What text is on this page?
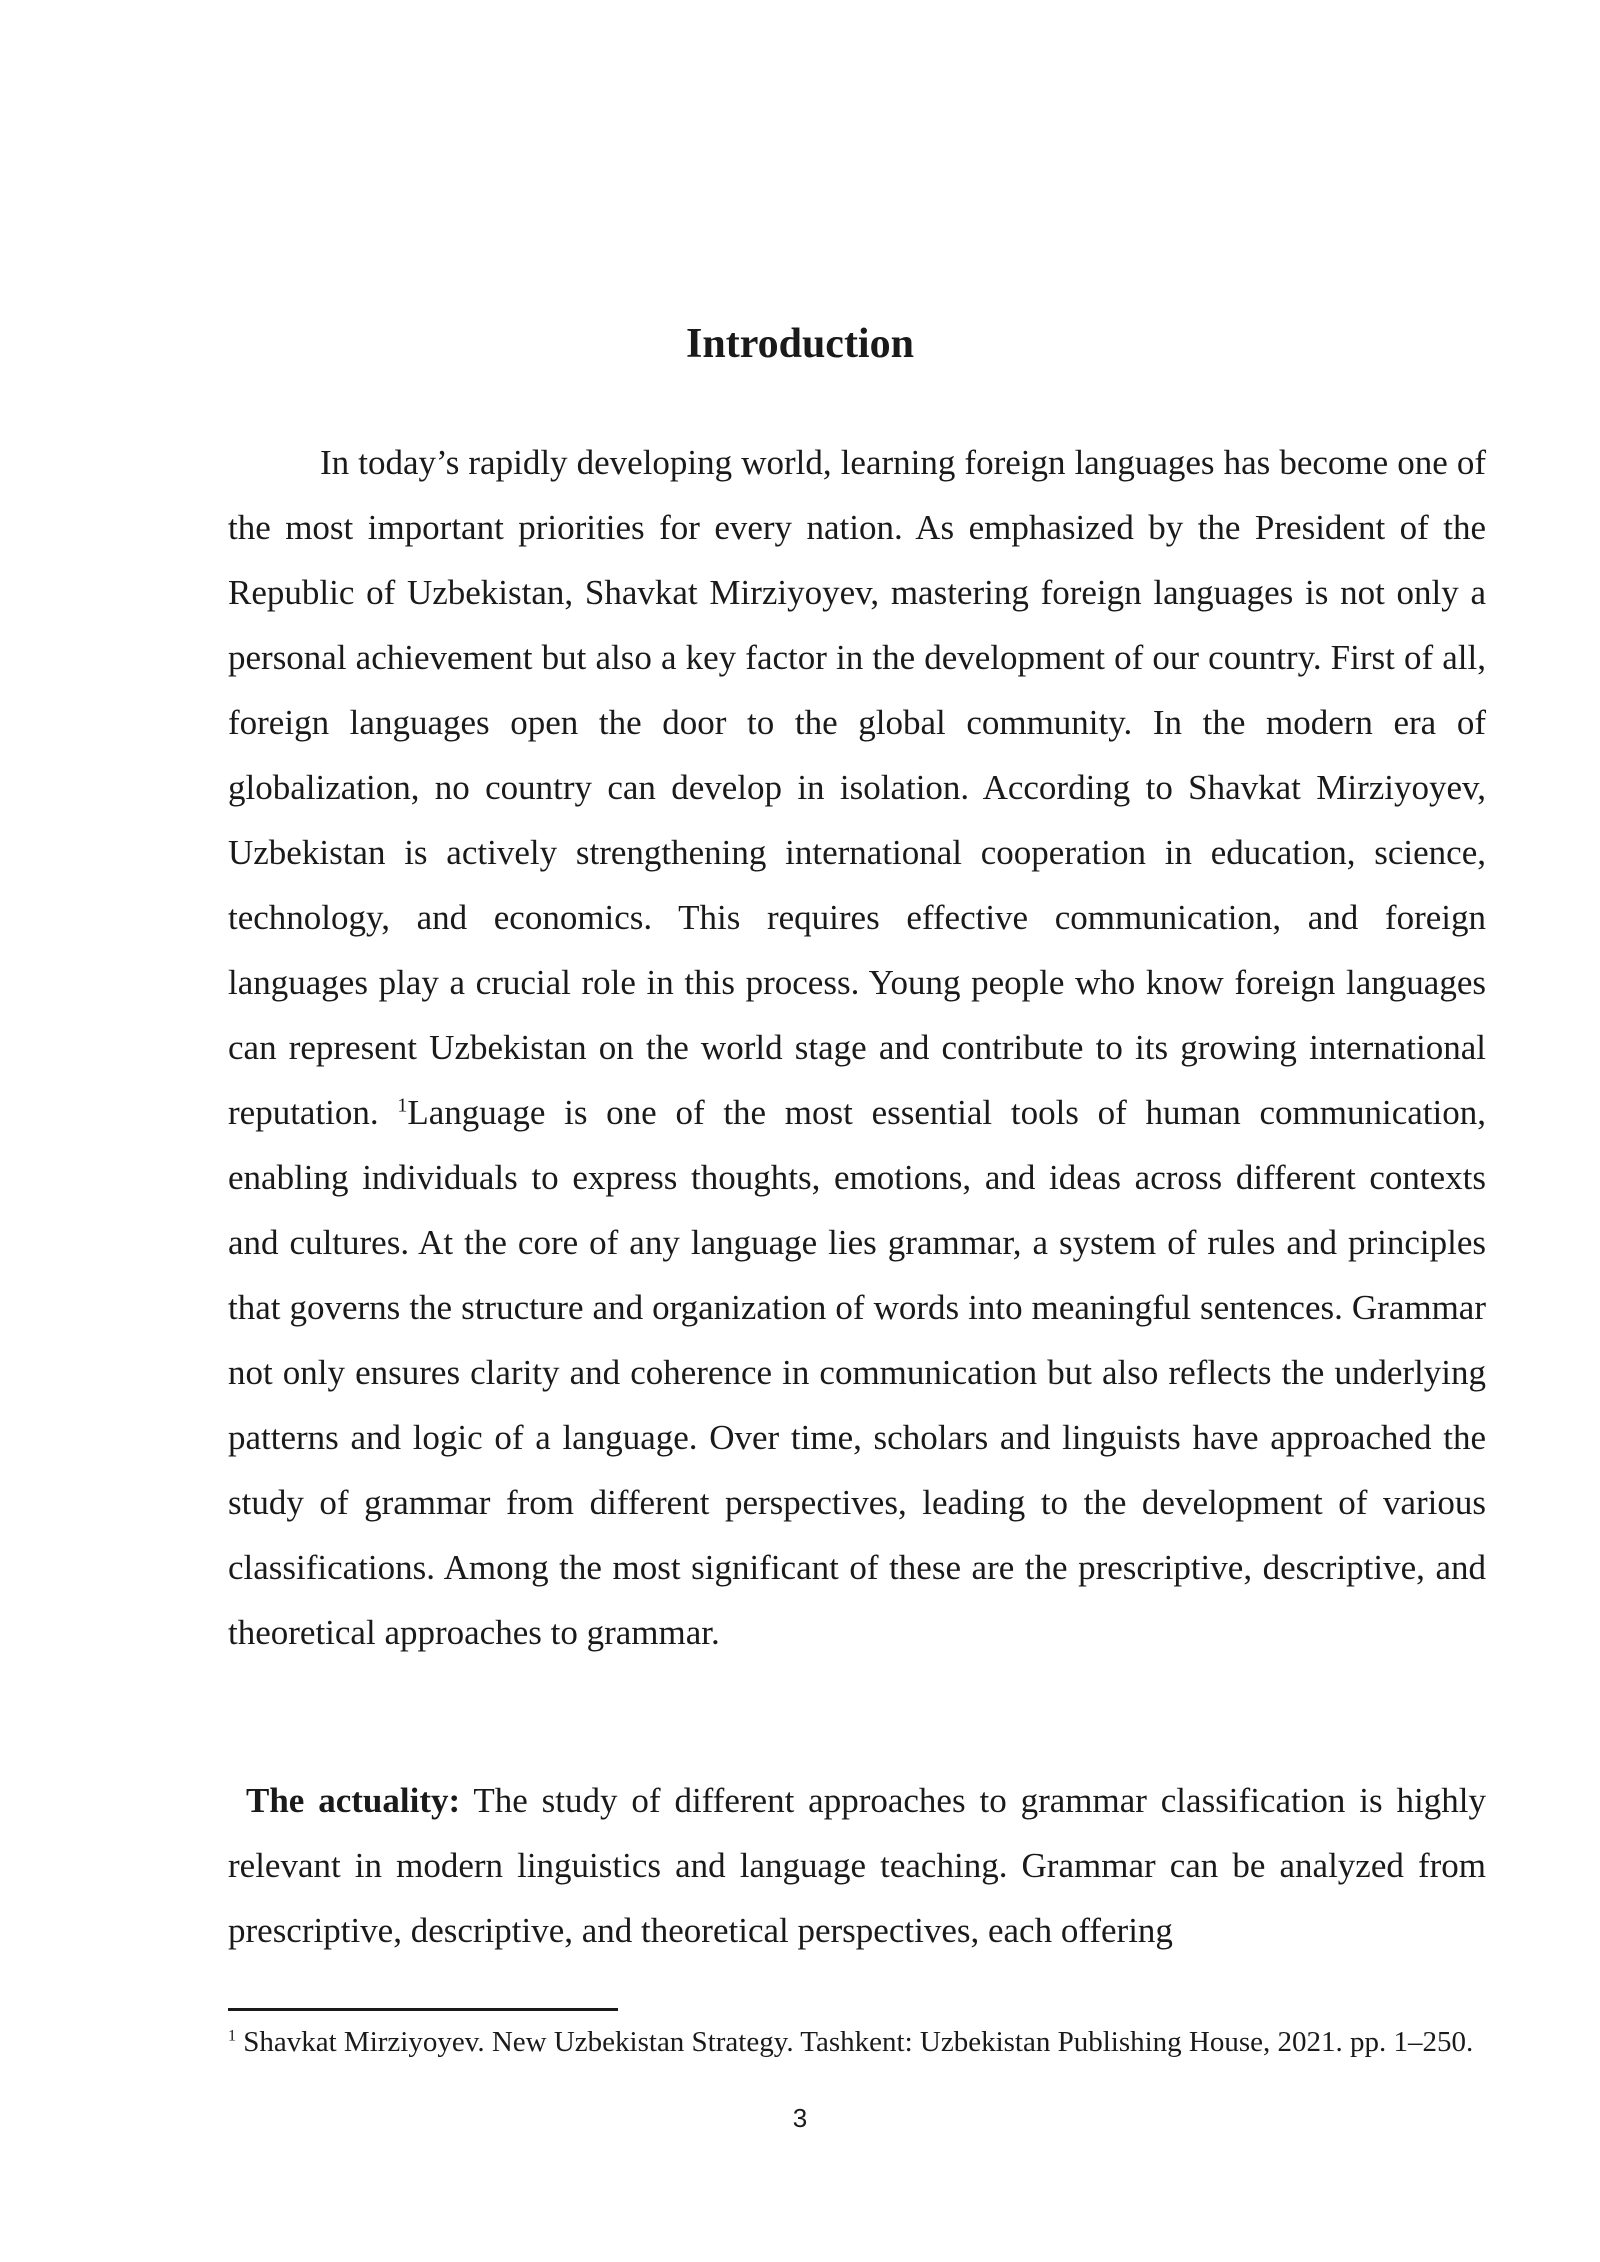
Introduction

In today’s rapidly developing world, learning foreign languages has become one of the most important priorities for every nation. As emphasized by the President of the Republic of Uzbekistan, Shavkat Mirziyoyev, mastering foreign languages is not only a personal achievement but also a key factor in the development of our country. First of all, foreign languages open the door to the global community. In the modern era of globalization, no country can develop in isolation. According to Shavkat Mirziyoyev, Uzbekistan is actively strengthening international cooperation in education, science, technology, and economics. This requires effective communication, and foreign languages play a crucial role in this process. Young people who know foreign languages can represent Uzbekistan on the world stage and contribute to its growing international reputation. $^1$Language is one of the most essential tools of human communication, enabling individuals to express thoughts, emotions, and ideas across different contexts and cultures. At the core of any language lies grammar, a system of rules and principles that governs the structure and organization of words into meaningful sentences. Grammar not only ensures clarity and coherence in communication but also reflects the underlying patterns and logic of a language. Over time, scholars and linguists have approached the study of grammar from different perspectives, leading to the development of various classifications. Among the most significant of these are the prescriptive, descriptive, and theoretical approaches to grammar.

The actuality: The study of different approaches to grammar classification is highly relevant in modern linguistics and language teaching. Grammar can be analyzed from prescriptive, descriptive, and theoretical perspectives, each offering

$^1$ Shavkat Mirziyoyev. New Uzbekistan Strategy. Tashkent: Uzbekistan Publishing House, 2021. pp. 1–250.

3
